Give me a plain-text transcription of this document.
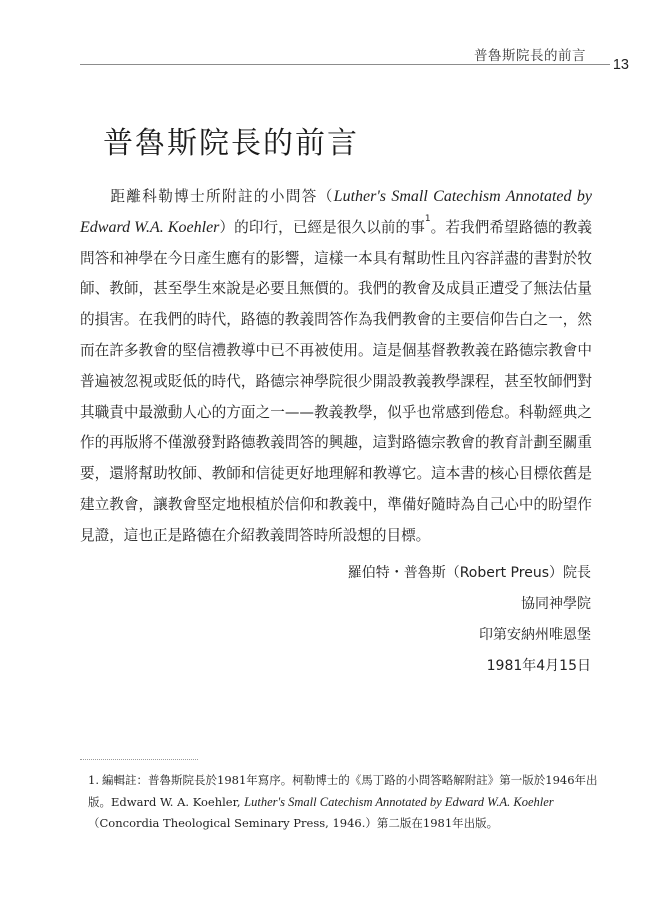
普魯斯院長的前言
13
普魯斯院長的前言

距離科勒博士所附註的小問答（Luther's Small Catechism Annotated by Edward W.A. Koehler）的印行，已經是很久以前的事$^1$。若我們希望路德的教義問答和神學在今日產生應有的影響，這樣一本具有幫助性且內容詳盡的書對於牧師、教師，甚至學生來說是必要且無價的。我們的教會及成員正遭受了無法估量的損害。在我們的時代，路德的教義問答作為我們教會的主要信仰告白之一，然而在許多教會的堅信禮教導中已不再被使用。這是個基督教教義在路德宗教會中普遍被忽視或貶低的時代，路德宗神學院很少開設教義教學課程，甚至牧師們對其職責中最激動人心的方面之一——教義教學，似乎也常感到倦怠。科勒經典之作的再版將不僅激發對路德教義問答的興趣，這對路德宗教會的教育計劃至關重要，還將幫助牧師、教師和信徒更好地理解和教導它。這本書的核心目標依舊是建立教會，讓教會堅定地根植於信仰和教義中，準備好隨時為自己心中的盼望作見證，這也正是路德在介紹教義問答時所設想的目標。

羅伯特・普魯斯（Robert Preus）院長
協同神學院
印第安納州唯恩堡
1981年4月15日

1. 編輯註：普魯斯院長於1981年寫序。柯勒博士的《馬丁路的小問答略解附註》第一版於1946年出版。Edward W. A. Koehler, Luther's Small Catechism Annotated by Edward W.A. Koehler（Concordia Theological Seminary Press, 1946.）第二版在1981年出版。
